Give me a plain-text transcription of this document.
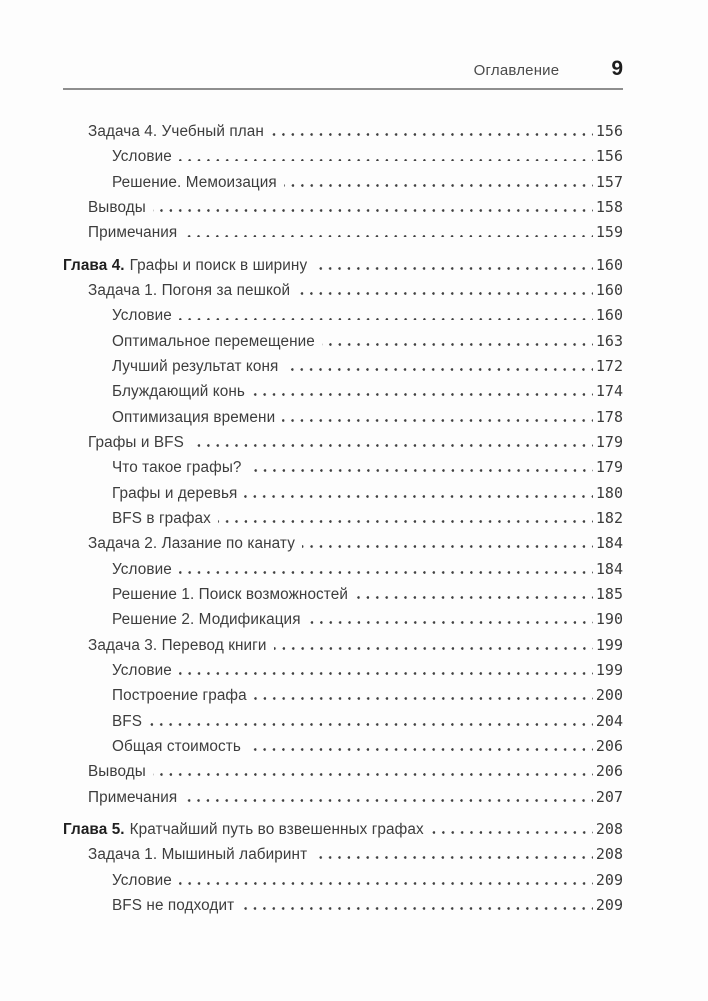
Оглавление 9
Задача 4. Учебный план	156
Условие	156
Решение. Мемоизация	157
Выводы	158
Примечания	159
Глава 4. Графы и поиск в ширину	160
Задача 1. Погоня за пешкой	160
Условие	160
Оптимальное перемещение	163
Лучший результат коня	172
Блуждающий конь	174
Оптимизация времени	178
Графы и BFS	179
Что такое графы?	179
Графы и деревья	180
BFS в графах	182
Задача 2. Лазание по канату	184
Условие	184
Решение 1. Поиск возможностей	185
Решение 2. Модификация	190
Задача 3. Перевод книги	199
Условие	199
Построение графа	200
BFS	204
Общая стоимость	206
Выводы	206
Примечания	207
Глава 5. Кратчайший путь во взвешенных графах	208
Задача 1. Мышиный лабиринт	208
Условие	209
BFS не подходит	209
